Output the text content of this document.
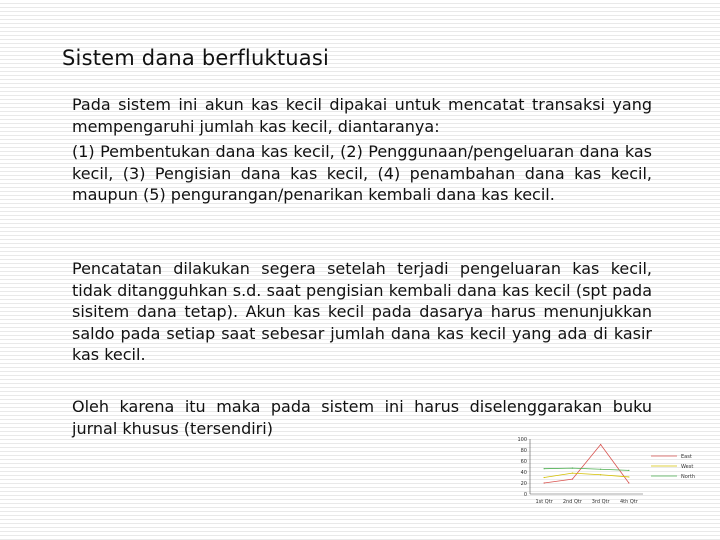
Sistem dana berfluktuasi
Pada sistem ini akun kas kecil dipakai untuk mencatat transaksi yang mempengaruhi jumlah kas kecil, diantaranya:
(1) Pembentukan dana kas kecil, (2) Penggunaan/pengeluaran dana kas kecil, (3) Pengisian dana kas kecil, (4) penambahan dana kas kecil, maupun (5) pengurangan/penarikan kembali dana kas kecil.
Pencatatan dilakukan segera setelah terjadi pengeluaran kas kecil, tidak ditangguhkan s.d. saat pengisian kembali dana kas kecil (spt pada sisitem dana tetap). Akun kas kecil pada dasarya harus menunjukkan saldo pada setiap saat sebesar jumlah dana kas kecil yang ada di kasir kas kecil.
Oleh karena itu maka pada sistem ini harus diselenggarakan buku jurnal khusus (tersendiri)
0
20
40
60
80
100
1st Qtr 2nd Qtr 3rd Qtr 4th Qtr
East
West
North
